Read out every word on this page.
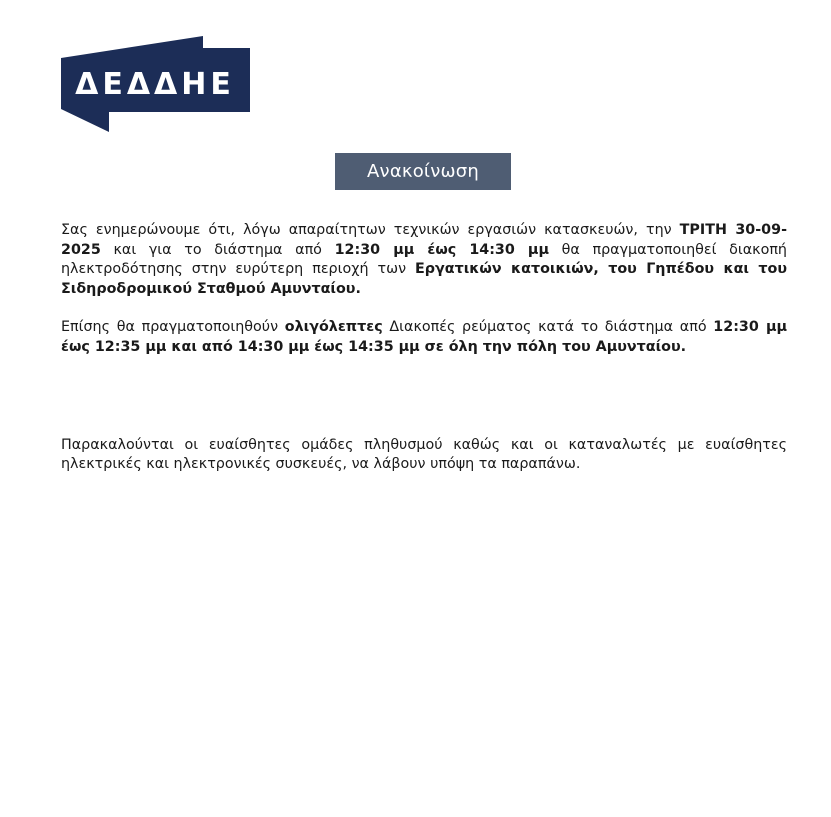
ΔΕΔΔΗΕ
Ανακοίνωση

Σας ενημερώνουμε ότι, λόγω απαραίτητων τεχνικών εργασιών κατασκευών, την ΤΡΙΤΗ 30-09-2025 και για το διάστημα από 12:30 μμ έως 14:30 μμ θα πραγματοποιηθεί διακοπή ηλεκτροδότησης στην ευρύτερη περιοχή των Εργατικών κατοικιών, του Γηπέδου και του Σιδηροδρομικού Σταθμού Αμυνταίου.

Επίσης θα πραγματοποιηθούν ολιγόλεπτες Διακοπές ρεύματος κατά το διάστημα από 12:30 μμ έως 12:35 μμ και από 14:30 μμ έως 14:35 μμ σε όλη την πόλη του Αμυνταίου.

Παρακαλούνται οι ευαίσθητες ομάδες πληθυσμού καθώς και οι καταναλωτές με ευαίσθητες ηλεκτρικές και ηλεκτρονικές συσκευές, να λάβουν υπόψη τα παραπάνω.
